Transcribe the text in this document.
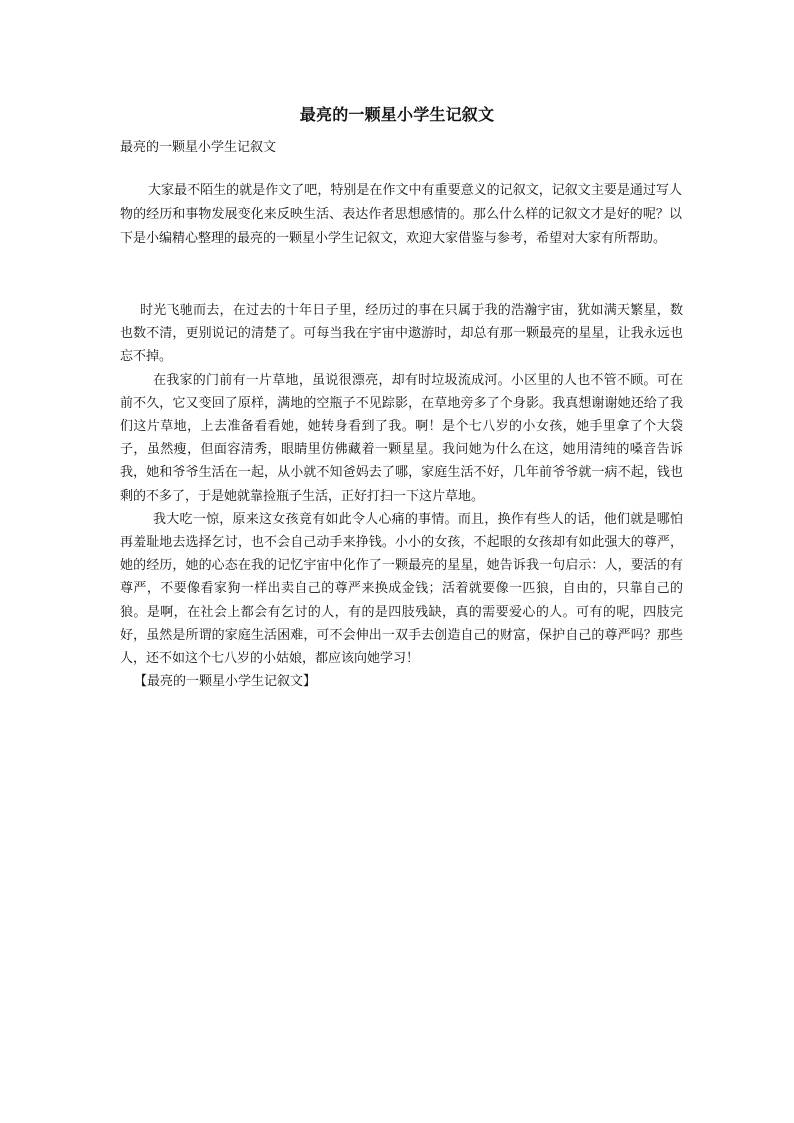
最亮的一颗星小学生记叙文
最亮的一颗星小学生记叙文

大家最不陌生的就是作文了吧，特别是在作文中有重要意义的记叙文，记叙文主要是通过写人物的经历和事物发展变化来反映生活、表达作者思想感情的。那么什么样的记叙文才是好的呢？以下是小编精心整理的最亮的一颗星小学生记叙文，欢迎大家借鉴与参考，希望对大家有所帮助。

时光飞驰而去，在过去的十年日子里，经历过的事在只属于我的浩瀚宇宙，犹如满天繁星，数也数不清，更别说记的清楚了。可每当我在宇宙中遨游时，却总有那一颗最亮的星星，让我永远也忘不掉。

在我家的门前有一片草地，虽说很漂亮，却有时垃圾流成河。小区里的人也不管不顾。可在前不久，它又变回了原样，满地的空瓶子不见踪影，在草地旁多了个身影。我真想谢谢她还给了我们这片草地，上去准备看看她，她转身看到了我。啊！是个七八岁的小女孩，她手里拿了个大袋子，虽然瘦，但面容清秀，眼睛里仿佛藏着一颗星星。我问她为什么在这，她用清纯的嗓音告诉我，她和爷爷生活在一起，从小就不知爸妈去了哪，家庭生活不好，几年前爷爷就一病不起，钱也剩的不多了，于是她就靠捡瓶子生活，正好打扫一下这片草地。

我大吃一惊，原来这女孩竟有如此令人心痛的事情。而且，换作有些人的话，他们就是哪怕再羞耻地去选择乞讨，也不会自己动手来挣钱。小小的女孩，不起眼的女孩却有如此强大的尊严，她的经历，她的心态在我的记忆宇宙中化作了一颗最亮的星星，她告诉我一句启示：人，要活的有尊严，不要像看家狗一样出卖自己的尊严来换成金钱；活着就要像一匹狼，自由的，只靠自己的狼。是啊，在社会上都会有乞讨的人，有的是四肢残缺，真的需要爱心的人。可有的呢，四肢完好，虽然是所谓的家庭生活困难，可不会伸出一双手去创造自己的财富，保护自己的尊严吗？那些人，还不如这个七八岁的小姑娘，都应该向她学习！

【最亮的一颗星小学生记叙文】
